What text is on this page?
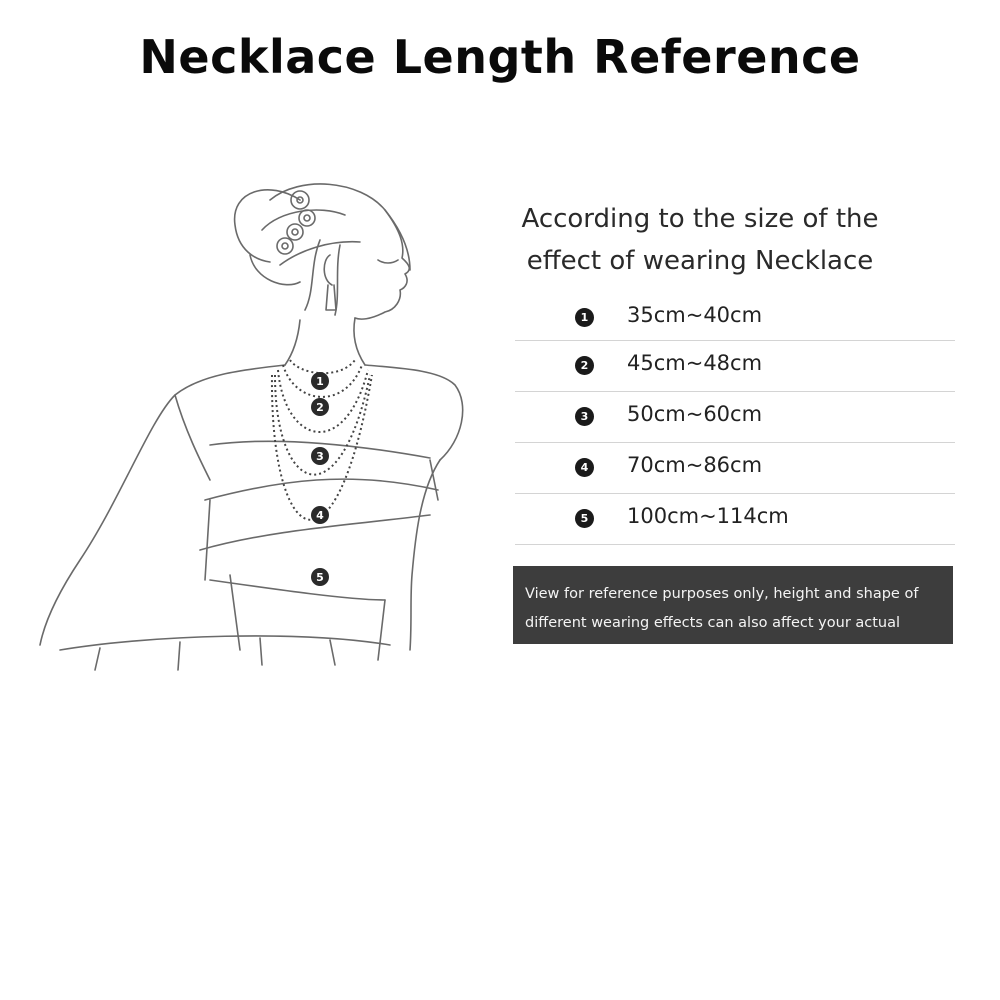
Necklace Length Reference
1
2
3
4
5
According to the size of the
effect of wearing Necklace
1 35cm~40cm
2 45cm~48cm
3 50cm~60cm
4 70cm~86cm
5 100cm~114cm
View for reference purposes only, height and shape of
different wearing effects can also affect your actual
